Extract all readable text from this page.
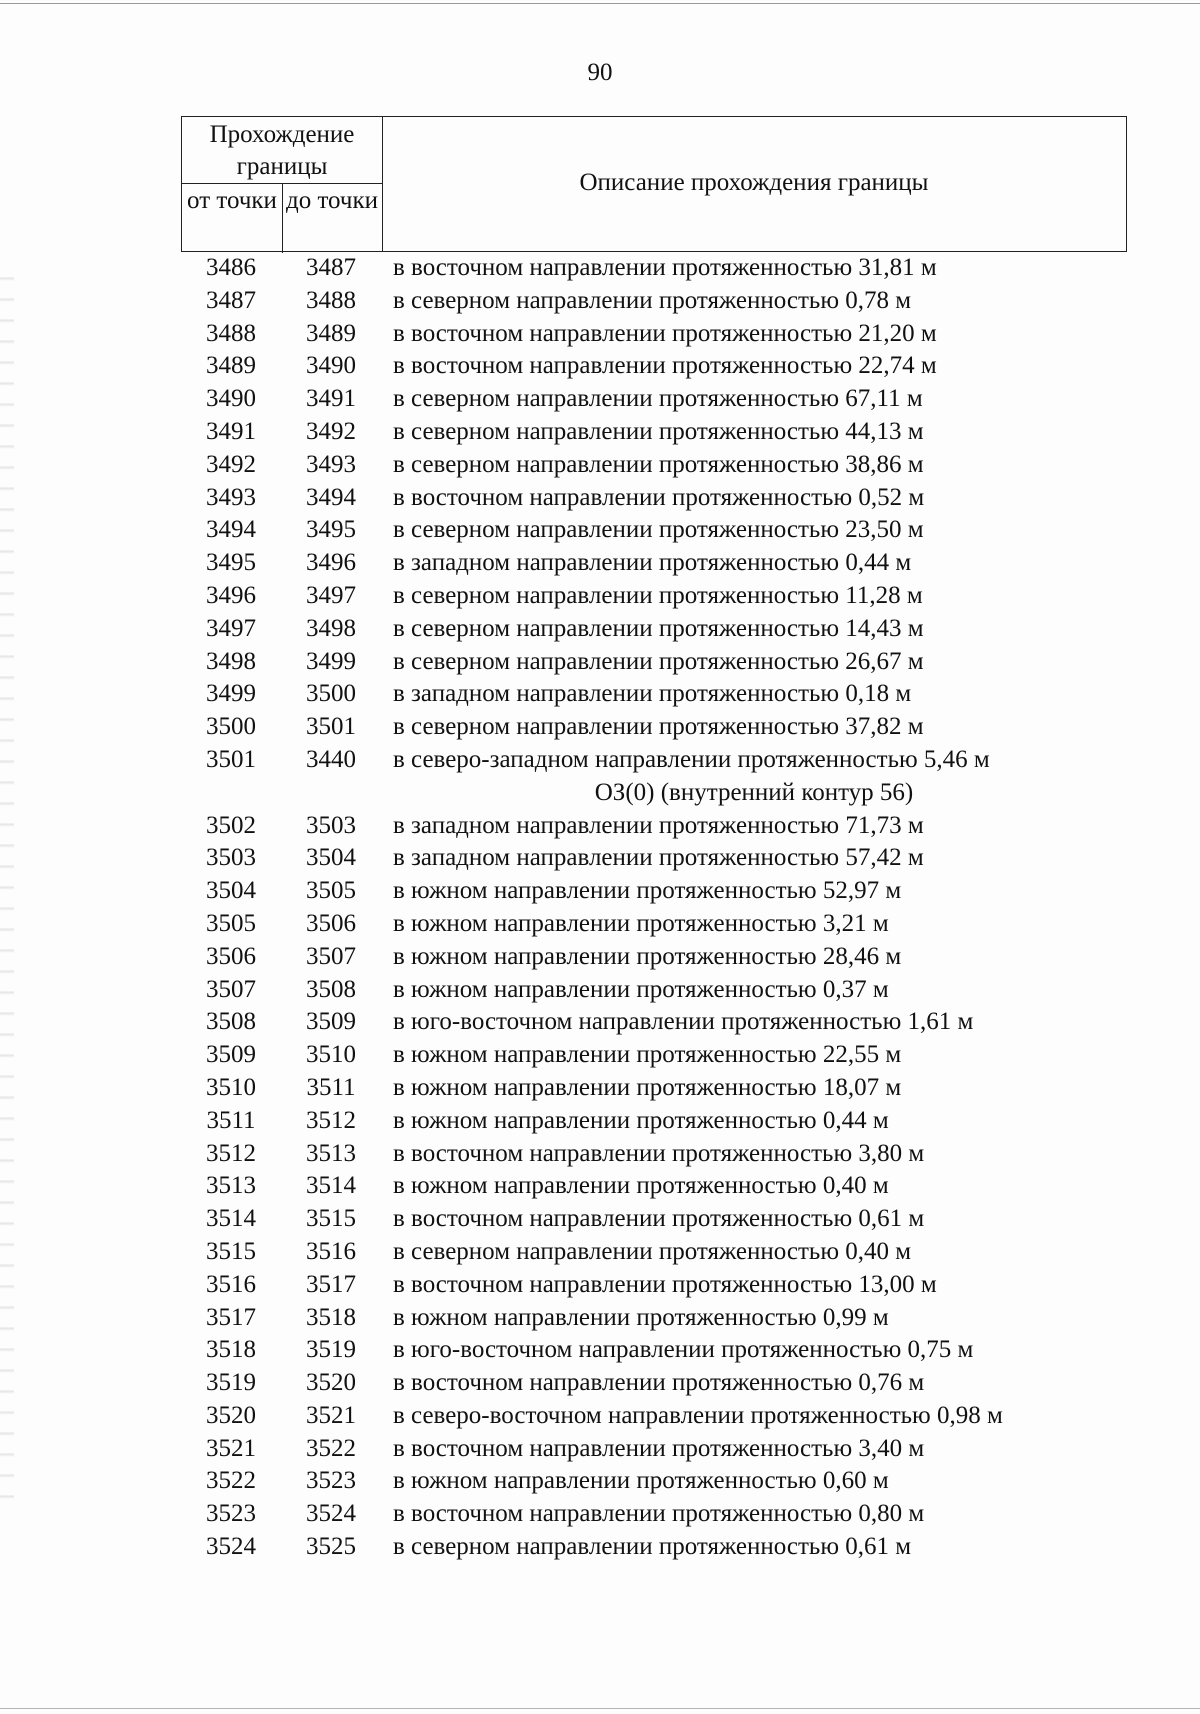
90
Прохождение границы
от точки до точки
Описание прохождения границы
3486	3487	в восточном направлении протяженностью 31,81 м
3487	3488	в северном направлении протяженностью 0,78 м
3488	3489	в восточном направлении протяженностью 21,20 м
3489	3490	в восточном направлении протяженностью 22,74 м
3490	3491	в северном направлении протяженностью 67,11 м
3491	3492	в северном направлении протяженностью 44,13 м
3492	3493	в северном направлении протяженностью 38,86 м
3493	3494	в восточном направлении протяженностью 0,52 м
3494	3495	в северном направлении протяженностью 23,50 м
3495	3496	в западном направлении протяженностью 0,44 м
3496	3497	в северном направлении протяженностью 11,28 м
3497	3498	в северном направлении протяженностью 14,43 м
3498	3499	в северном направлении протяженностью 26,67 м
3499	3500	в западном направлении протяженностью 0,18 м
3500	3501	в северном направлении протяженностью 37,82 м
3501	3440	в северо-западном направлении протяженностью 5,46 м
ОЗ(0) (внутренний контур 56)
3502	3503	в западном направлении протяженностью 71,73 м
3503	3504	в западном направлении протяженностью 57,42 м
3504	3505	в южном направлении протяженностью 52,97 м
3505	3506	в южном направлении протяженностью 3,21 м
3506	3507	в южном направлении протяженностью 28,46 м
3507	3508	в южном направлении протяженностью 0,37 м
3508	3509	в юго-восточном направлении протяженностью 1,61 м
3509	3510	в южном направлении протяженностью 22,55 м
3510	3511	в южном направлении протяженностью 18,07 м
3511	3512	в южном направлении протяженностью 0,44 м
3512	3513	в восточном направлении протяженностью 3,80 м
3513	3514	в южном направлении протяженностью 0,40 м
3514	3515	в восточном направлении протяженностью 0,61 м
3515	3516	в северном направлении протяженностью 0,40 м
3516	3517	в восточном направлении протяженностью 13,00 м
3517	3518	в южном направлении протяженностью 0,99 м
3518	3519	в юго-восточном направлении протяженностью 0,75 м
3519	3520	в восточном направлении протяженностью 0,76 м
3520	3521	в северо-восточном направлении протяженностью 0,98 м
3521	3522	в восточном направлении протяженностью 3,40 м
3522	3523	в южном направлении протяженностью 0,60 м
3523	3524	в восточном направлении протяженностью 0,80 м
3524	3525	в северном направлении протяженностью 0,61 м
